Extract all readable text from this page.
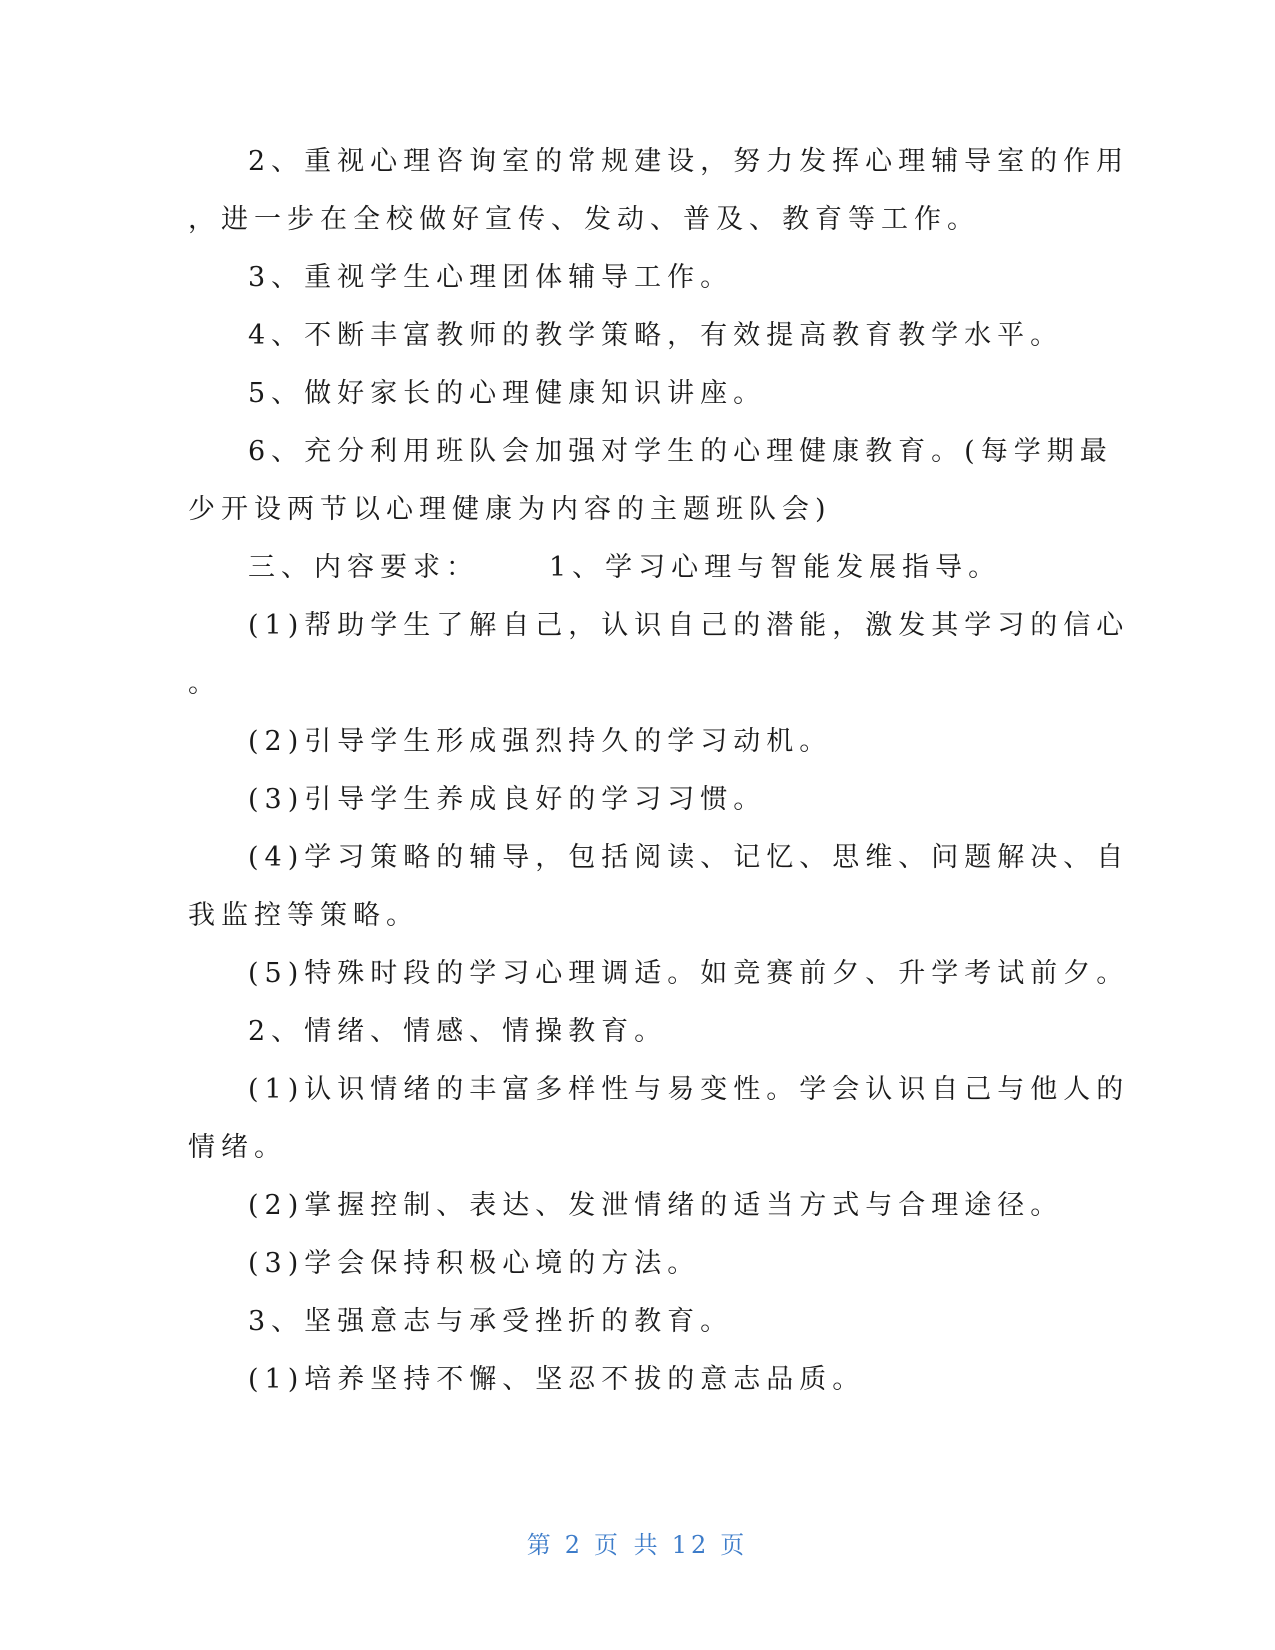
2、重视心理咨询室的常规建设，努力发挥心理辅导室的作用
，进一步在全校做好宣传、发动、普及、教育等工作。
3、重视学生心理团体辅导工作。
4、不断丰富教师的教学策略，有效提高教育教学水平。
5、做好家长的心理健康知识讲座。
6、充分利用班队会加强对学生的心理健康教育。(每学期最
少开设两节以心理健康为内容的主题班队会)
三、内容要求：	1、学习心理与智能发展指导。
(1)帮助学生了解自己，认识自己的潜能，激发其学习的信心
。
(2)引导学生形成强烈持久的学习动机。
(3)引导学生养成良好的学习习惯。
(4)学习策略的辅导，包括阅读、记忆、思维、问题解决、自
我监控等策略。
(5)特殊时段的学习心理调适。如竞赛前夕、升学考试前夕。
2、情绪、情感、情操教育。
(1)认识情绪的丰富多样性与易变性。学会认识自己与他人的
情绪。
(2)掌握控制、表达、发泄情绪的适当方式与合理途径。
(3)学会保持积极心境的方法。
3、坚强意志与承受挫折的教育。
(1)培养坚持不懈、坚忍不拔的意志品质。
第 2 页 共 12 页
